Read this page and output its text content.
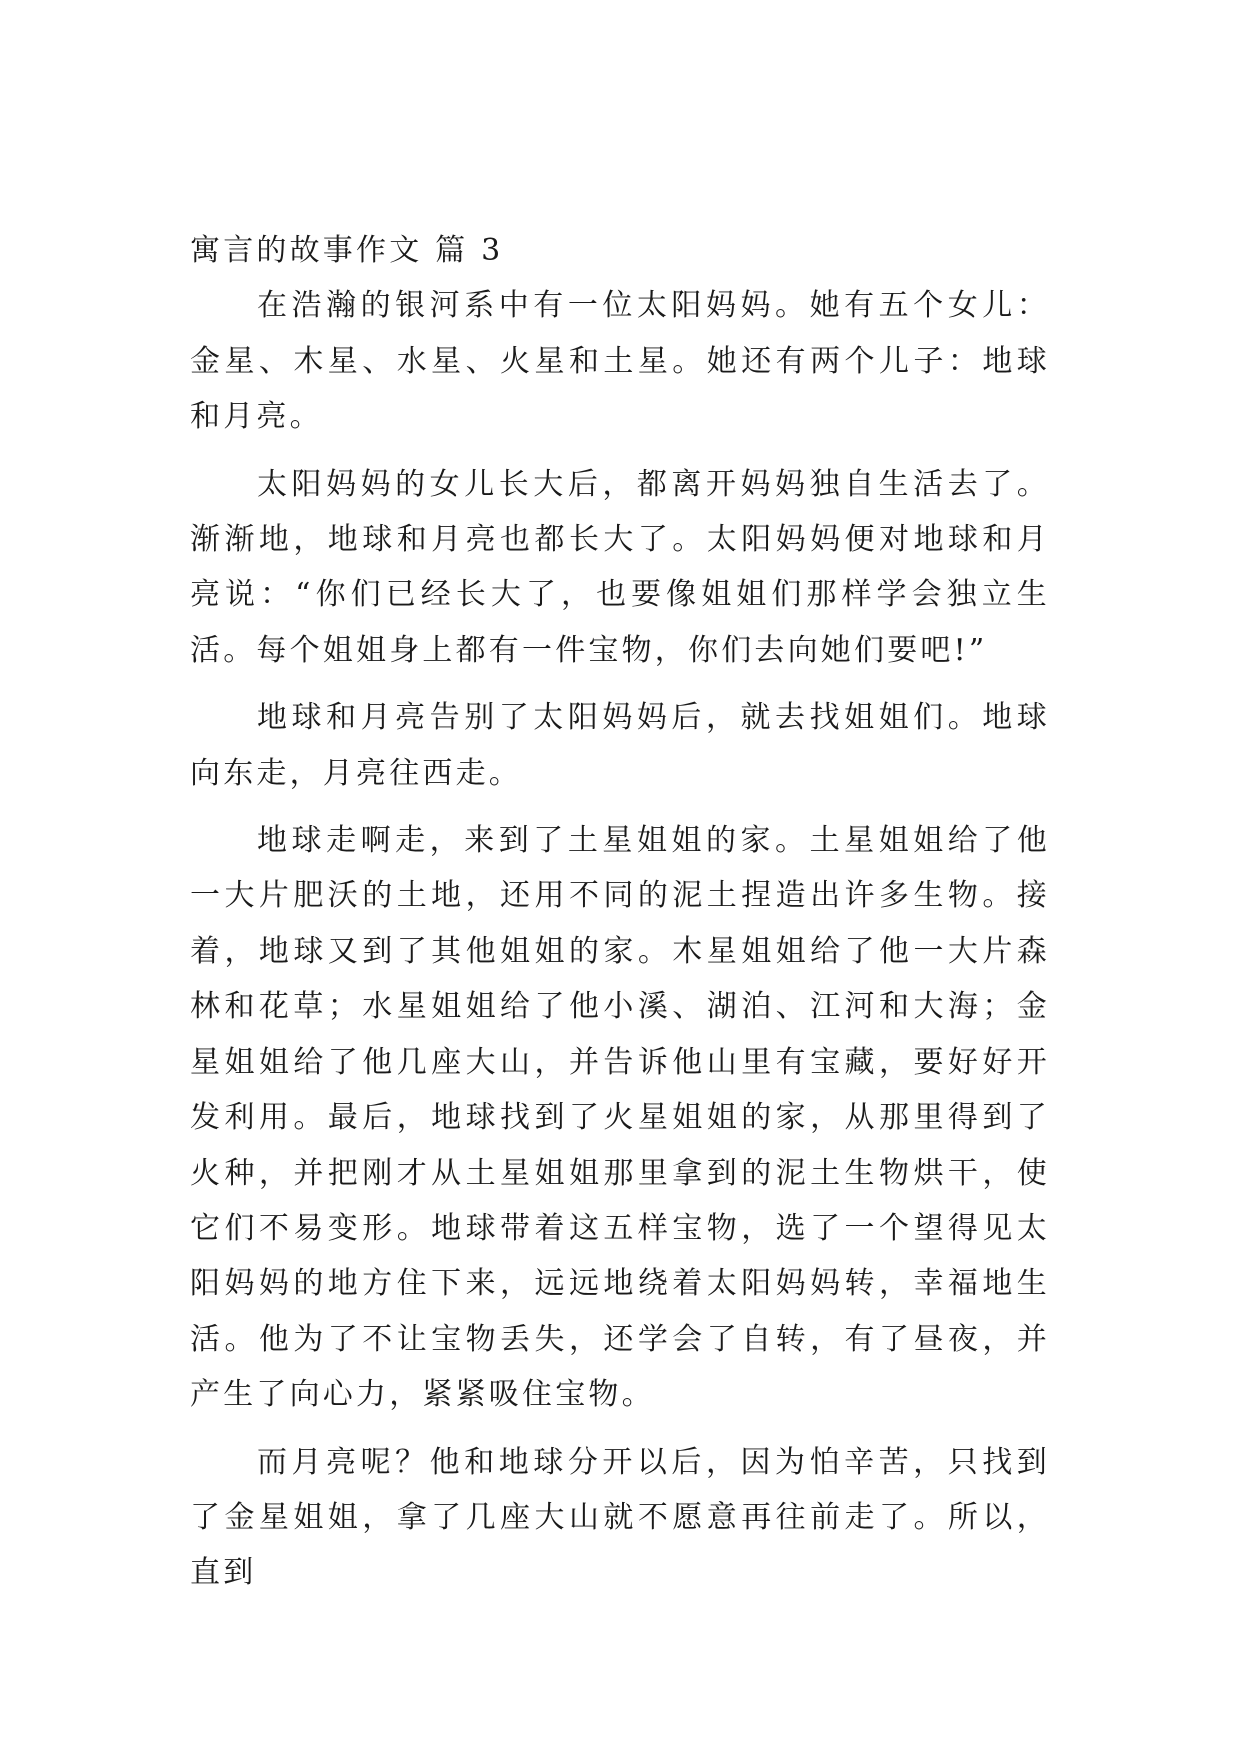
寓言的故事作文 篇 3

在浩瀚的银河系中有一位太阳妈妈。她有五个女儿：金星、木星、水星、火星和土星。她还有两个儿子：地球和月亮。

太阳妈妈的女儿长大后，都离开妈妈独自生活去了。渐渐地，地球和月亮也都长大了。太阳妈妈便对地球和月亮说：“你们已经长大了，也要像姐姐们那样学会独立生活。每个姐姐身上都有一件宝物，你们去向她们要吧!”

地球和月亮告别了太阳妈妈后，就去找姐姐们。地球向东走，月亮往西走。

地球走啊走，来到了土星姐姐的家。土星姐姐给了他一大片肥沃的土地，还用不同的泥土捏造出许多生物。接着，地球又到了其他姐姐的家。木星姐姐给了他一大片森林和花草；水星姐姐给了他小溪、湖泊、江河和大海；金星姐姐给了他几座大山，并告诉他山里有宝藏，要好好开发利用。最后，地球找到了火星姐姐的家，从那里得到了火种，并把刚才从土星姐姐那里拿到的泥土生物烘干，使它们不易变形。地球带着这五样宝物，选了一个望得见太阳妈妈的地方住下来，远远地绕着太阳妈妈转，幸福地生活。他为了不让宝物丢失，还学会了自转，有了昼夜，并产生了向心力，紧紧吸住宝物。

而月亮呢？他和地球分开以后，因为怕辛苦，只找到了金星姐姐，拿了几座大山就不愿意再往前走了。所以，直到
